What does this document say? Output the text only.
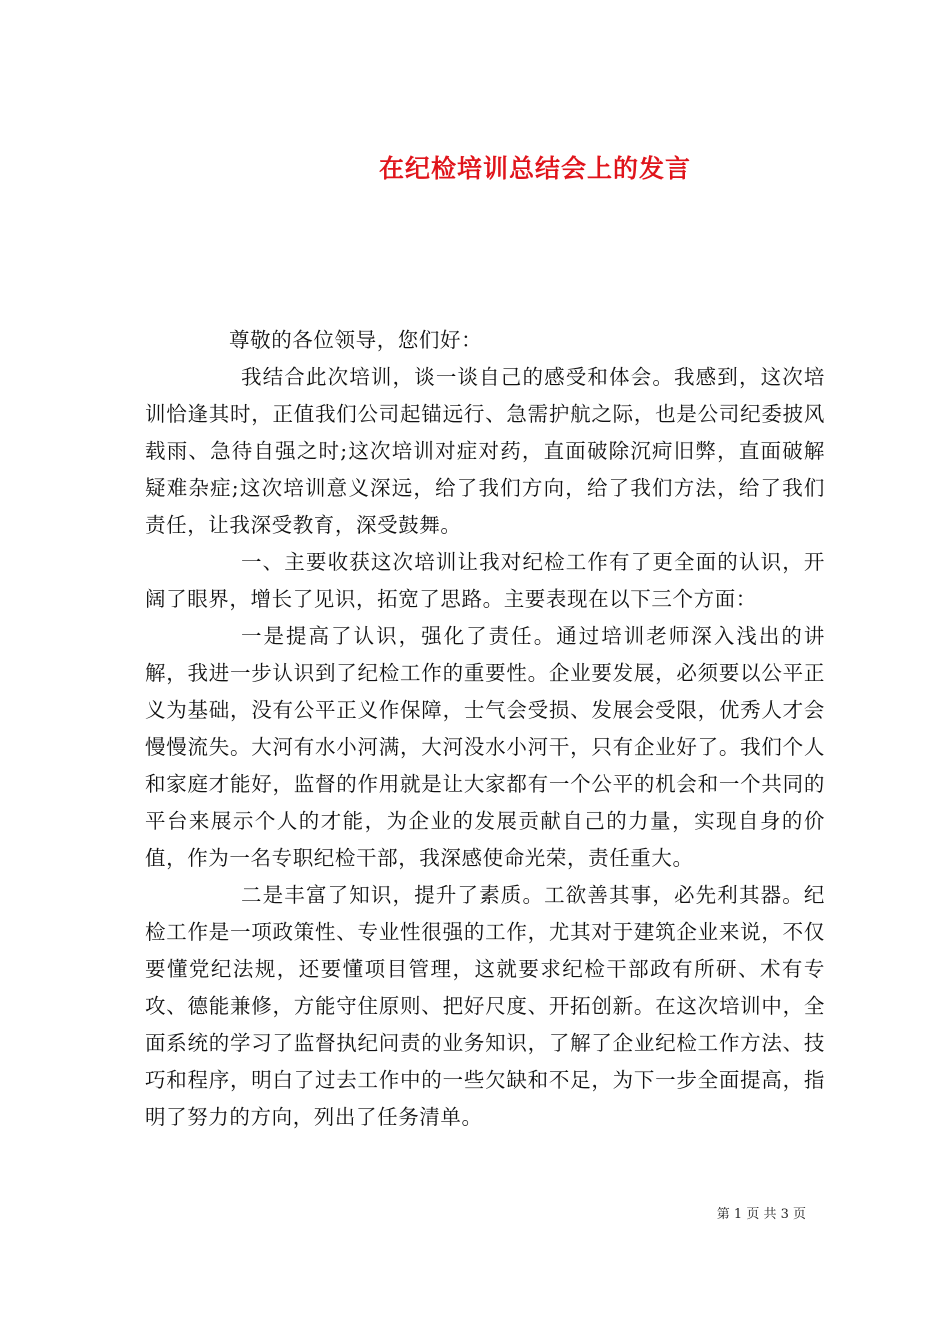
在纪检培训总结会上的发言

尊敬的各位领导，您们好：

我结合此次培训，谈一谈自己的感受和体会。我感到，这次培训恰逢其时，正值我们公司起锚远行、急需护航之际，也是公司纪委披风载雨、急待自强之时;这次培训对症对药，直面破除沉疴旧弊，直面破解疑难杂症;这次培训意义深远，给了我们方向，给了我们方法，给了我们责任，让我深受教育，深受鼓舞。

一、主要收获这次培训让我对纪检工作有了更全面的认识，开阔了眼界，增长了见识，拓宽了思路。主要表现在以下三个方面：

一是提高了认识，强化了责任。通过培训老师深入浅出的讲解，我进一步认识到了纪检工作的重要性。企业要发展，必须要以公平正义为基础，没有公平正义作保障，士气会受损、发展会受限，优秀人才会慢慢流失。大河有水小河满，大河没水小河干，只有企业好了。我们个人和家庭才能好，监督的作用就是让大家都有一个公平的机会和一个共同的平台来展示个人的才能，为企业的发展贡献自己的力量，实现自身的价值，作为一名专职纪检干部，我深感使命光荣，责任重大。

二是丰富了知识，提升了素质。工欲善其事，必先利其器。纪检工作是一项政策性、专业性很强的工作，尤其对于建筑企业来说，不仅要懂党纪法规，还要懂项目管理，这就要求纪检干部政有所研、术有专攻、德能兼修，方能守住原则、把好尺度、开拓创新。在这次培训中，全面系统的学习了监督执纪问责的业务知识，了解了企业纪检工作方法、技巧和程序，明白了过去工作中的一些欠缺和不足，为下一步全面提高，指明了努力的方向，列出了任务清单。

第 1 页 共 3 页
